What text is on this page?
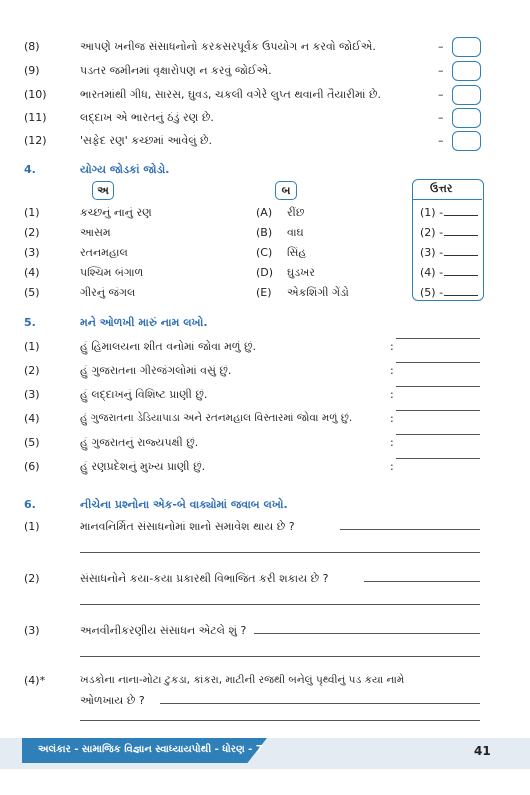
(8)	આપણે ખનીજ સંસાધનોનો કરકસરપૂર્વક ઉપયોગ ન કરવો જોઈએ.	–
(9)	પડતર જમીનમાં વૃક્ષારોપણ ન કરવું જોઈએ.	–
(10)	ભારતમાંથી ગીધ, સારસ, ઘુવડ, ચકલી વગેરે લુપ્ત થવાની તૈયારીમાં છે.	–
(11)	લદ્દાખ એ ભારતનું ઠંડું રણ છે.	–
(12)	'સફેદ રણ' કચ્છમાં આવેલું છે.	–
4.	યોગ્ય જોડકાં જોડો.
અ	બ	ઉત્તર
(1)	કચ્છનું નાનું રણ	(A) રીંછ	(1) -
(2)	આસમ	(B) વાઘ	(2) -
(3)	રતનમહાલ	(C) સિંહ	(3) -
(4)	પશ્ચિમ બંગાળ	(D) ઘુડખર	(4) -
(5)	ગીરનું જંગલ	(E) એકશિંગી ગેંડો	(5) -
5.	મને ઓળખી મારું નામ લખો.
(1)	હું હિમાલયના શીત વનોમાં જોવા મળું છું.	:
(2)	હું ગુજરાતના ગીરજંગલોમાં વસું છું.	:
(3)	હું લદ્દાખનું વિશિષ્ટ પ્રાણી છું.	:
(4)	હું ગુજરાતના ડેડિયાપાડા અને રતનમહાલ વિસ્તારમાં જોવા મળું છું.	:
(5)	હું ગુજરાતનું રાજ્યપક્ષી છું.	:
(6)	હું રણપ્રદેશનું મુખ્ય પ્રાણી છું.	:
6.	નીચેના પ્રશ્નોના એક-બે વાક્યોમાં જવાબ લખો.
(1)	માનવનિર્મિત સંસાધનોમાં શાનો સમાવેશ થાય છે ?
(2)	સંસાધનોને કયા-કયા પ્રકારથી વિભાજિત કરી શકાય છે ?
(3)	અનવીનીકરણીય સંસાધન એટલે શું ?
(4)*	ખડકોના નાના-મોટા ટુકડા, કાંકરા, માટીની રજથી બનેલું પૃથ્વીનું પડ કયા નામે
ઓળખાય છે ?
અલંકાર - સામાજિક વિજ્ઞાન સ્વાધ્યાયપોથી - ધોરણ - 7	41
